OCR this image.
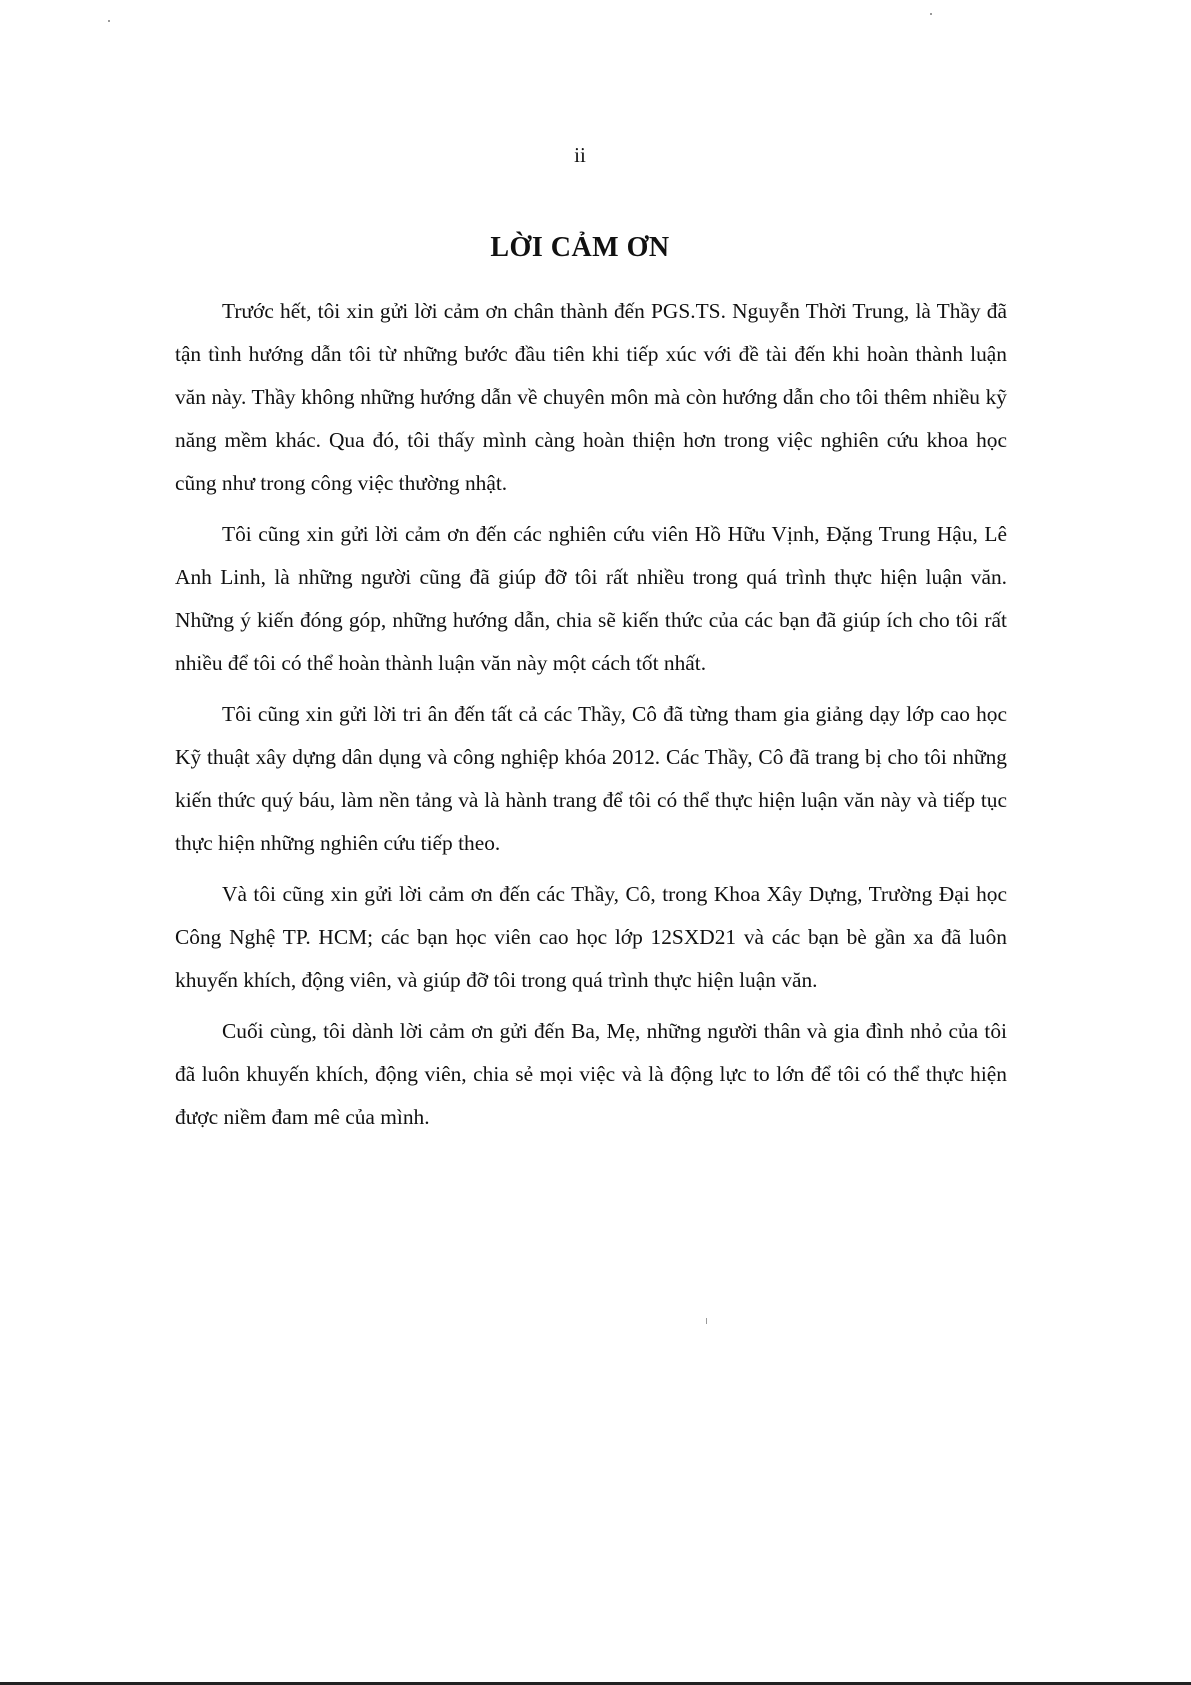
ii
LỜI CẢM ƠN

Trước hết, tôi xin gửi lời cảm ơn chân thành đến PGS.TS. Nguyễn Thời Trung, là Thầy đã tận tình hướng dẫn tôi từ những bước đầu tiên khi tiếp xúc với đề tài đến khi hoàn thành luận văn này. Thầy không những hướng dẫn về chuyên môn mà còn hướng dẫn cho tôi thêm nhiều kỹ năng mềm khác. Qua đó, tôi thấy mình càng hoàn thiện hơn trong việc nghiên cứu khoa học cũng như trong công việc thường nhật.

Tôi cũng xin gửi lời cảm ơn đến các nghiên cứu viên Hồ Hữu Vịnh, Đặng Trung Hậu, Lê Anh Linh, là những người cũng đã giúp đỡ tôi rất nhiều trong quá trình thực hiện luận văn. Những ý kiến đóng góp, những hướng dẫn, chia sẽ kiến thức của các bạn đã giúp ích cho tôi rất nhiều để tôi có thể hoàn thành luận văn này một cách tốt nhất.

Tôi cũng xin gửi lời tri ân đến tất cả các Thầy, Cô đã từng tham gia giảng dạy lớp cao học Kỹ thuật xây dựng dân dụng và công nghiệp khóa 2012. Các Thầy, Cô đã trang bị cho tôi những kiến thức quý báu, làm nền tảng và là hành trang để tôi có thể thực hiện luận văn này và tiếp tục thực hiện những nghiên cứu tiếp theo.

Và tôi cũng xin gửi lời cảm ơn đến các Thầy, Cô, trong Khoa Xây Dựng, Trường Đại học Công Nghệ TP. HCM; các bạn học viên cao học lớp 12SXD21 và các bạn bè gần xa đã luôn khuyến khích, động viên, và giúp đỡ tôi trong quá trình thực hiện luận văn.

Cuối cùng, tôi dành lời cảm ơn gửi đến Ba, Mẹ, những người thân và gia đình nhỏ của tôi đã luôn khuyến khích, động viên, chia sẻ mọi việc và là động lực to lớn để tôi có thể thực hiện được niềm đam mê của mình.
